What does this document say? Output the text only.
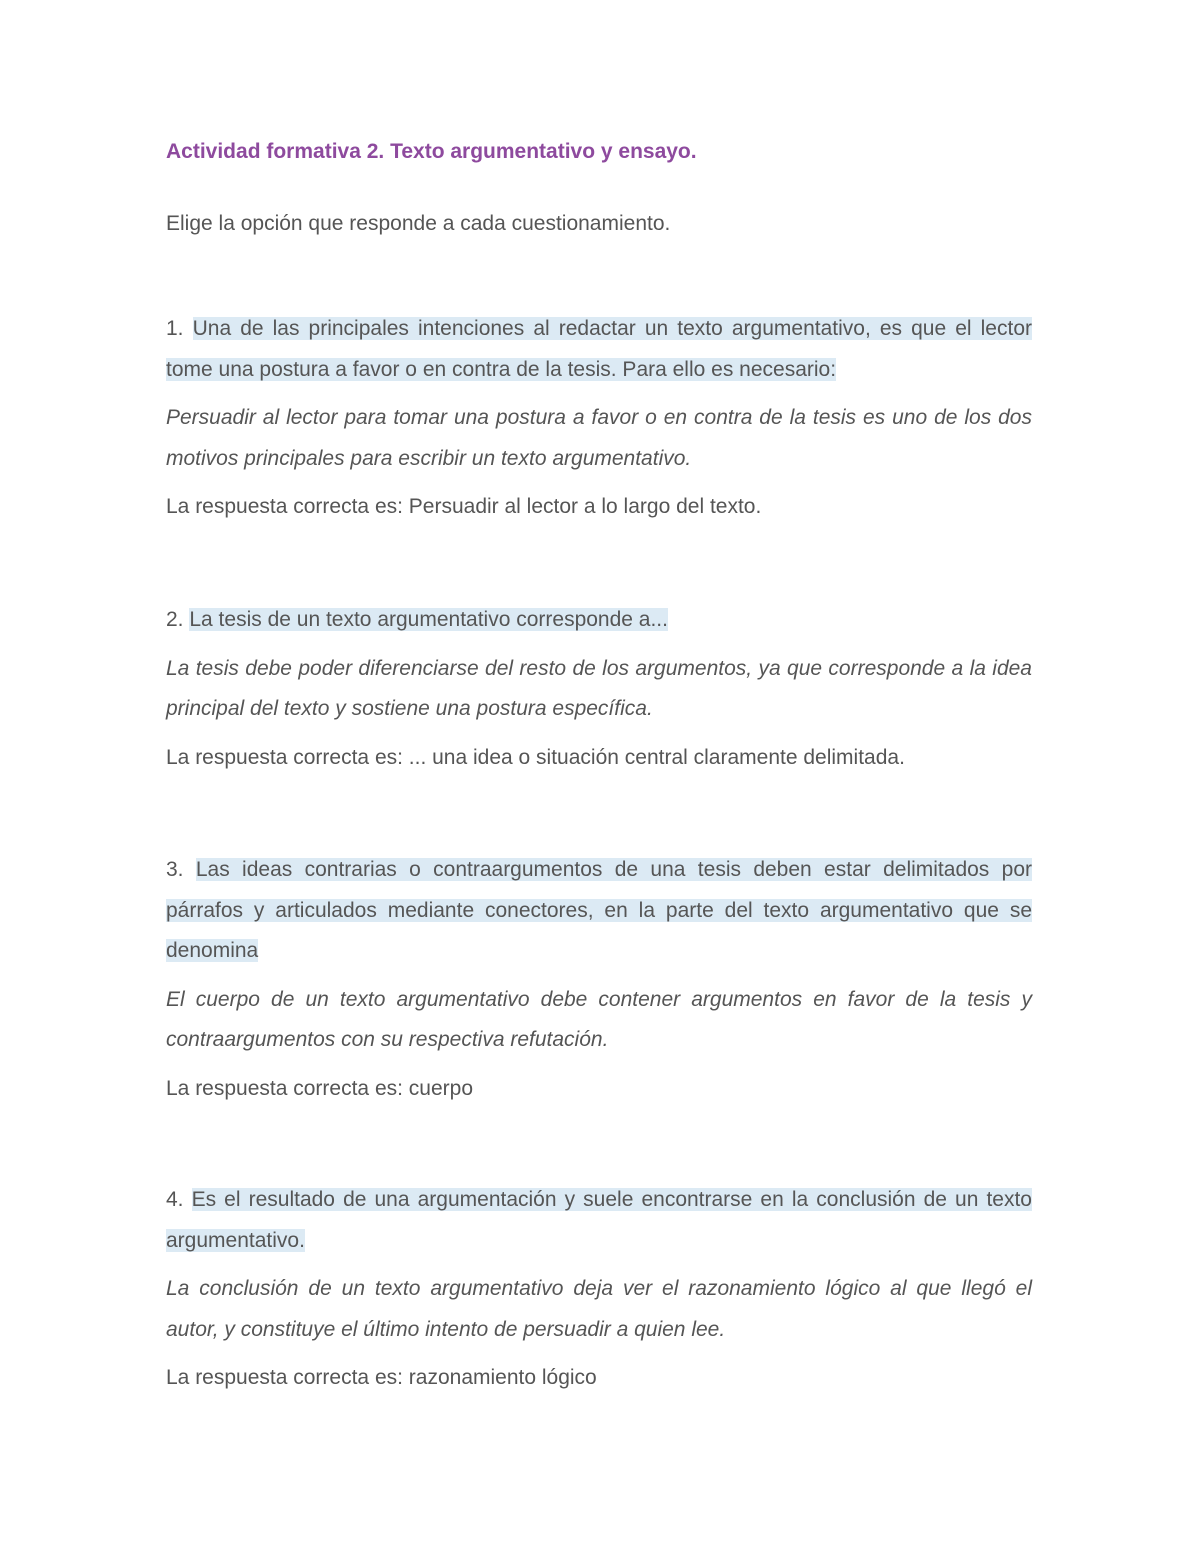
Actividad formativa 2. Texto argumentativo y ensayo.

Elige la opción que responde a cada cuestionamiento.

1. Una de las principales intenciones al redactar un texto argumentativo, es que el lector tome una postura a favor o en contra de la tesis. Para ello es necesario:

Persuadir al lector para tomar una postura a favor o en contra de la tesis es uno de los dos motivos principales para escribir un texto argumentativo.

La respuesta correcta es: Persuadir al lector a lo largo del texto.

2. La tesis de un texto argumentativo corresponde a...

La tesis debe poder diferenciarse del resto de los argumentos, ya que corresponde a la idea principal del texto y sostiene una postura específica.

La respuesta correcta es: ... una idea o situación central claramente delimitada.

3. Las ideas contrarias o contraargumentos de una tesis deben estar delimitados por párrafos y articulados mediante conectores, en la parte del texto argumentativo que se denomina

El cuerpo de un texto argumentativo debe contener argumentos en favor de la tesis y contraargumentos con su respectiva refutación.

La respuesta correcta es: cuerpo

4. Es el resultado de una argumentación y suele encontrarse en la conclusión de un texto argumentativo.

La conclusión de un texto argumentativo deja ver el razonamiento lógico al que llegó el autor, y constituye el último intento de persuadir a quien lee.

La respuesta correcta es: razonamiento lógico
